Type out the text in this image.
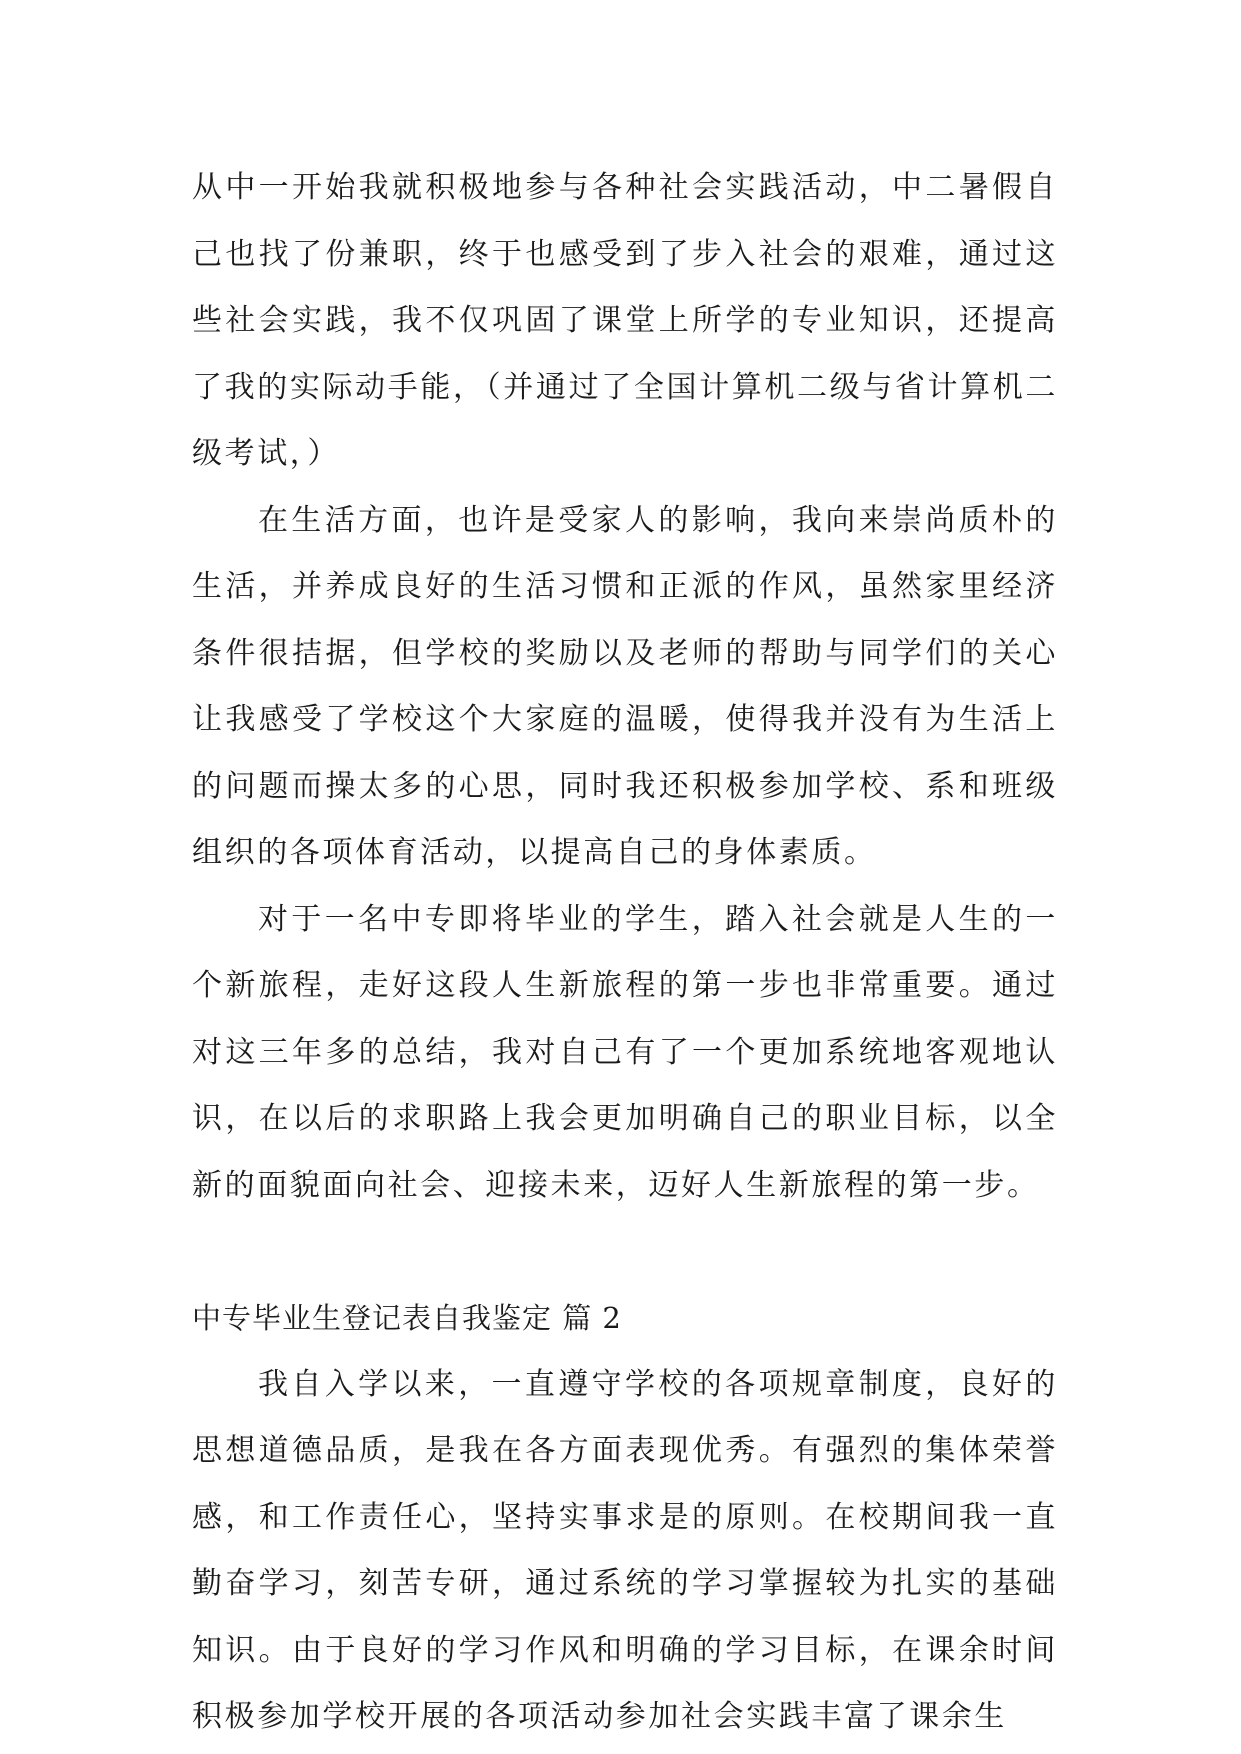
从中一开始我就积极地参与各种社会实践活动，中二暑假自己也找了份兼职，终于也感受到了步入社会的艰难，通过这些社会实践，我不仅巩固了课堂上所学的专业知识，还提高了我的实际动手能，（并通过了全国计算机二级与省计算机二级考试，）

在生活方面，也许是受家人的影响，我向来崇尚质朴的生活，并养成良好的生活习惯和正派的作风，虽然家里经济条件很拮据，但学校的奖励以及老师的帮助与同学们的关心让我感受了学校这个大家庭的温暖，使得我并没有为生活上的问题而操太多的心思，同时我还积极参加学校、系和班级组织的各项体育活动，以提高自己的身体素质。

对于一名中专即将毕业的学生，踏入社会就是人生的一个新旅程，走好这段人生新旅程的第一步也非常重要。通过对这三年多的总结，我对自己有了一个更加系统地客观地认识，在以后的求职路上我会更加明确自己的职业目标，以全新的面貌面向社会、迎接未来，迈好人生新旅程的第一步。

中专毕业生登记表自我鉴定 篇 2

我自入学以来，一直遵守学校的各项规章制度，良好的思想道德品质，是我在各方面表现优秀。有强烈的集体荣誉感，和工作责任心，坚持实事求是的原则。在校期间我一直勤奋学习，刻苦专研，通过系统的学习掌握较为扎实的基础知识。由于良好的学习作风和明确的学习目标，在课余时间积极参加学校开展的各项活动参加社会实践丰富了课余生
